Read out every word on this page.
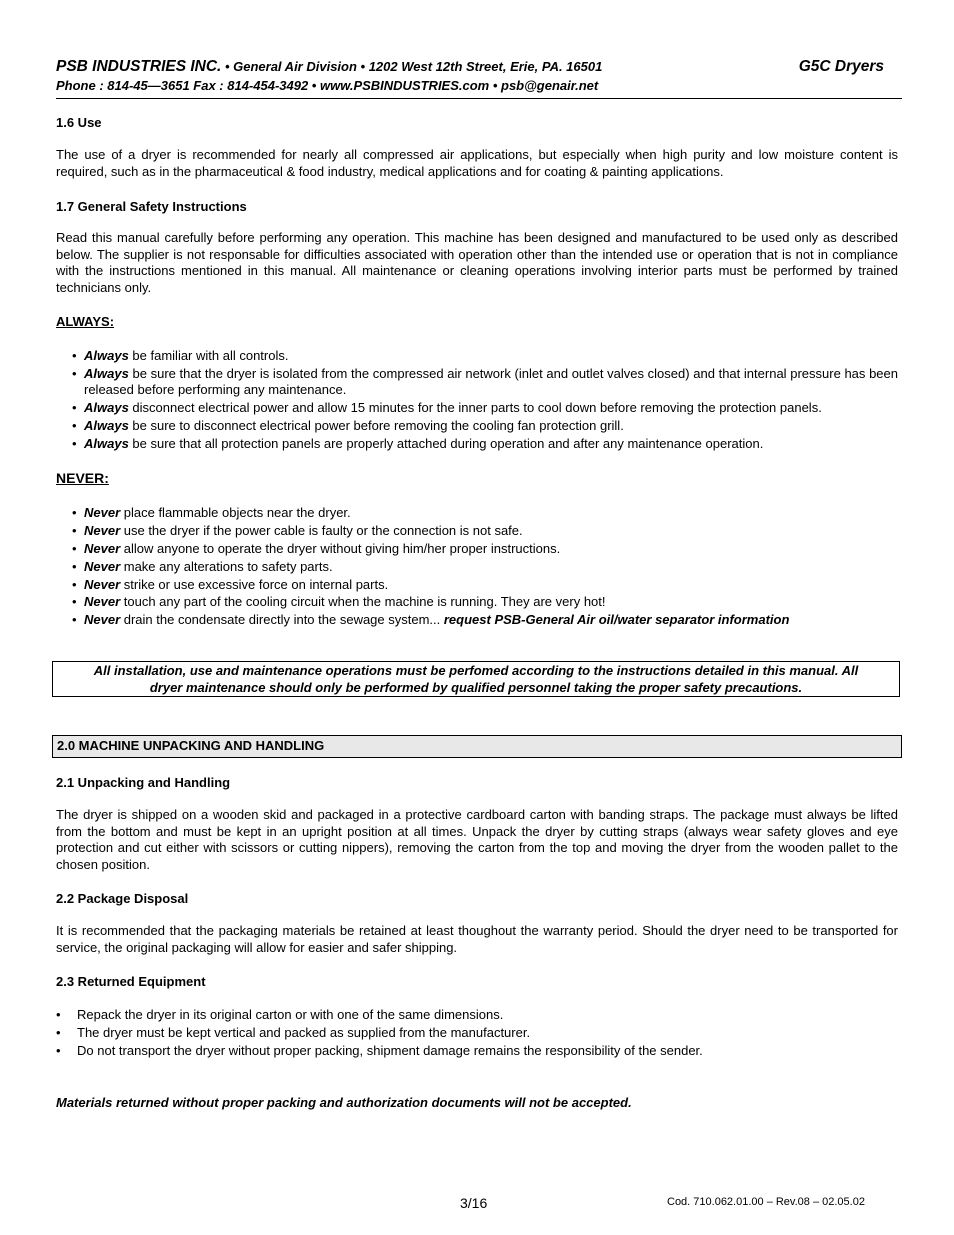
PSB INDUSTRIES INC. • General Air Division • 1202 West 12th Street, Erie, PA. 16501	G5C Dryers
Phone : 814-45—3651 Fax : 814-454-3492 • www.PSBINDUSTRIES.com • psb@genair.net
1.6 Use
The use of a dryer is recommended for nearly all compressed air applications, but especially when high purity and low moisture content is required, such as in the pharmaceutical & food industry, medical applications and for coating & painting applications.
1.7 General Safety Instructions
Read this manual carefully before performing any operation. This machine has been designed and manufactured to be used only as described below. The supplier is not responsable for difficulties associated with operation other than the intended use or operation that is not in compliance with the instructions mentioned in this manual. All maintenance or cleaning operations involving interior parts must be performed by trained technicians only.
ALWAYS:
• Always be familiar with all controls.
• Always be sure that the dryer is isolated from the compressed air network (inlet and outlet valves closed) and that internal pressure has been released before performing any maintenance.
• Always disconnect electrical power and allow 15 minutes for the inner parts to cool down before removing the protection panels.
• Always be sure to disconnect electrical power before removing the cooling fan protection grill.
• Always be sure that all protection panels are properly attached during operation and after any maintenance operation.
NEVER:
• Never place flammable objects near the dryer.
• Never use the dryer if the power cable is faulty or the connection is not safe.
• Never allow anyone to operate the dryer without giving him/her proper instructions.
• Never make any alterations to safety parts.
• Never strike or use excessive force on internal parts.
• Never touch any part of the cooling circuit when the machine is running. They are very hot!
• Never drain the condensate directly into the sewage system... request PSB-General Air oil/water separator information
All installation, use and maintenance operations must be perfomed according to the instructions detailed in this manual. All
dryer maintenance should only be performed by qualified personnel taking the proper safety precautions.
2.0 MACHINE UNPACKING AND HANDLING
2.1 Unpacking and Handling
The dryer is shipped on a wooden skid and packaged in a protective cardboard carton with banding straps. The package must always be lifted from the bottom and must be kept in an upright position at all times. Unpack the dryer by cutting straps (always wear safety gloves and eye protection and cut either with scissors or cutting nippers), removing the carton from the top and moving the dryer from the wooden pallet to the chosen position.
2.2 Package Disposal
It is recommended that the packaging materials be retained at least thoughout the warranty period. Should the dryer need to be transported for service, the original packaging will allow for easier and safer shipping.
2.3 Returned Equipment
• Repack the dryer in its original carton or with one of the same dimensions.
• The dryer must be kept vertical and packed as supplied from the manufacturer.
• Do not transport the dryer without proper packing, shipment damage remains the responsibility of the sender.
Materials returned without proper packing and authorization documents will not be accepted.
3/16	Cod. 710.062.01.00 – Rev.08 – 02.05.02
